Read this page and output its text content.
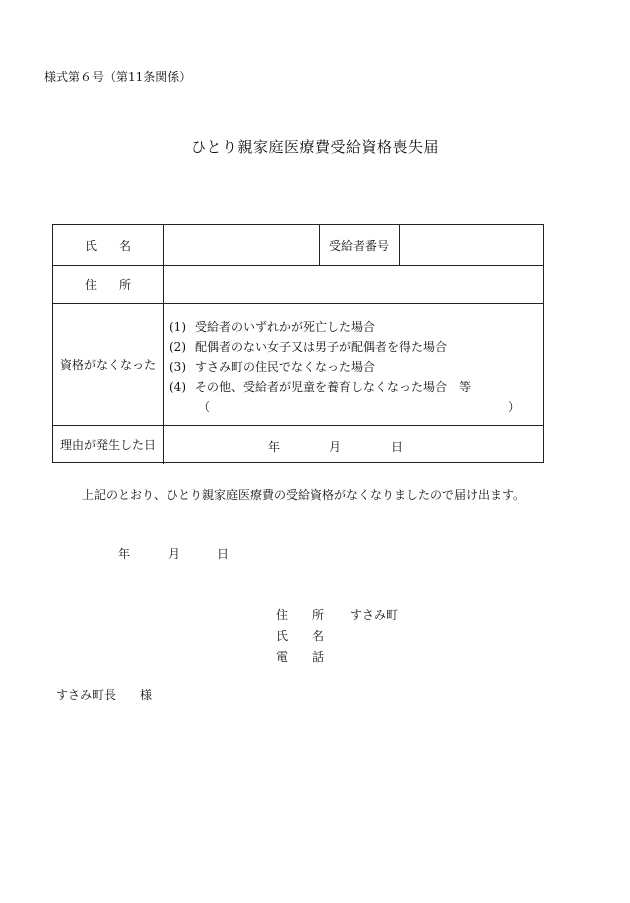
様式第６号（第11条関係）
ひとり親家庭医療費受給資格喪失届
氏 名	受給者番号
住 所
資格がなくなった
(1) 受給者のいずれかが死亡した場合
(2) 配偶者のない女子又は男子が配偶者を得た場合
(3) すさみ町の住民でなくなった場合
(4) その他、受給者が児童を養育しなくなった場合　等
（	）
理由が発生した日	年	月	日
上記のとおり、ひとり親家庭医療費の受給資格がなくなりましたので届け出ます。
年	月	日
住 所 すさみ町
氏 名
電 話
すさみ町長 様
